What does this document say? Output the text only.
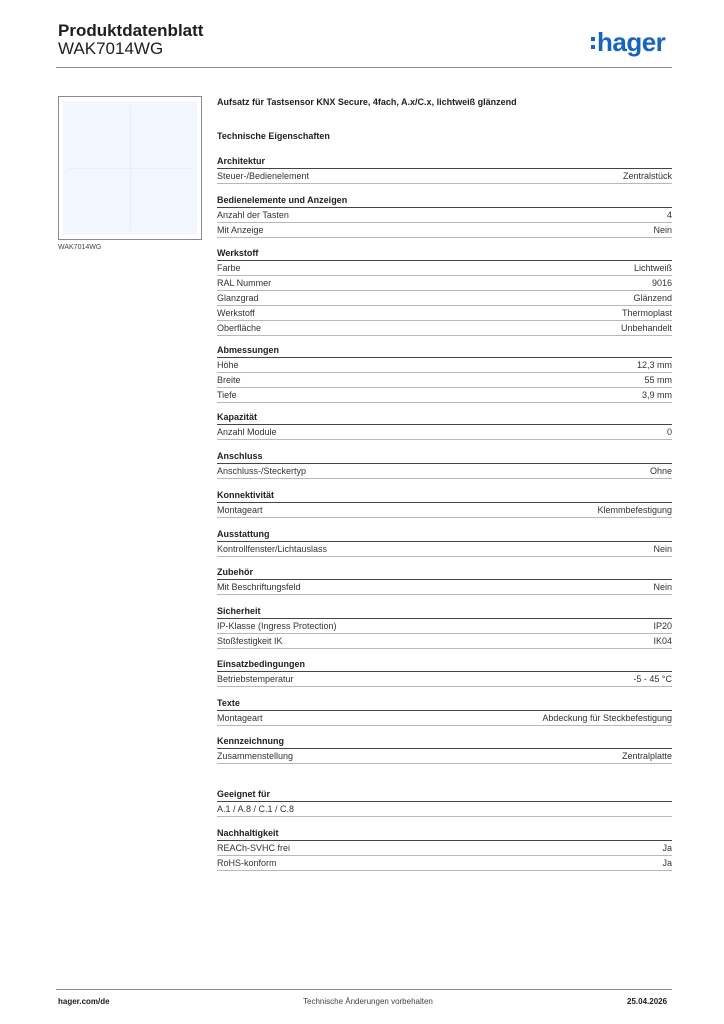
Produktdatenblatt
WAK7014WG	hager
WAK7014WG
Aufsatz für Tastsensor KNX Secure, 4fach, A.x/C.x, lichtweiß glänzend
Technische Eigenschaften
Architektur
Steuer-/Bedienelement	Zentralstück
Bedienelemente und Anzeigen
Anzahl der Tasten	4
Mit Anzeige	Nein
Werkstoff
Farbe	Lichtweiß
RAL Nummer	9016
Glanzgrad	Glänzend
Werkstoff	Thermoplast
Oberfläche	Unbehandelt
Abmessungen
Höhe	12,3 mm
Breite	55 mm
Tiefe	3,9 mm
Kapazität
Anzahl Module	0
Anschluss
Anschluss-/Steckertyp	Ohne
Konnektivität
Montageart	Klemmbefestigung
Ausstattung
Kontrollfenster/Lichtauslass	Nein
Zubehör
Mit Beschriftungsfeld	Nein
Sicherheit
IP-Klasse (Ingress Protection)	IP20
Stoßfestigkeit IK	IK04
Einsatzbedingungen
Betriebstemperatur	-5 - 45 °C
Texte
Montageart	Abdeckung für Steckbefestigung
Kennzeichnung
Zusammenstellung	Zentralplatte
Geeignet für
A.1 / A.8 / C.1 / C.8
Nachhaltigkeit
REACh-SVHC frei	Ja
RoHS-konform	Ja
hager.com/de	Technische Änderungen vorbehalten	25.04.2026
